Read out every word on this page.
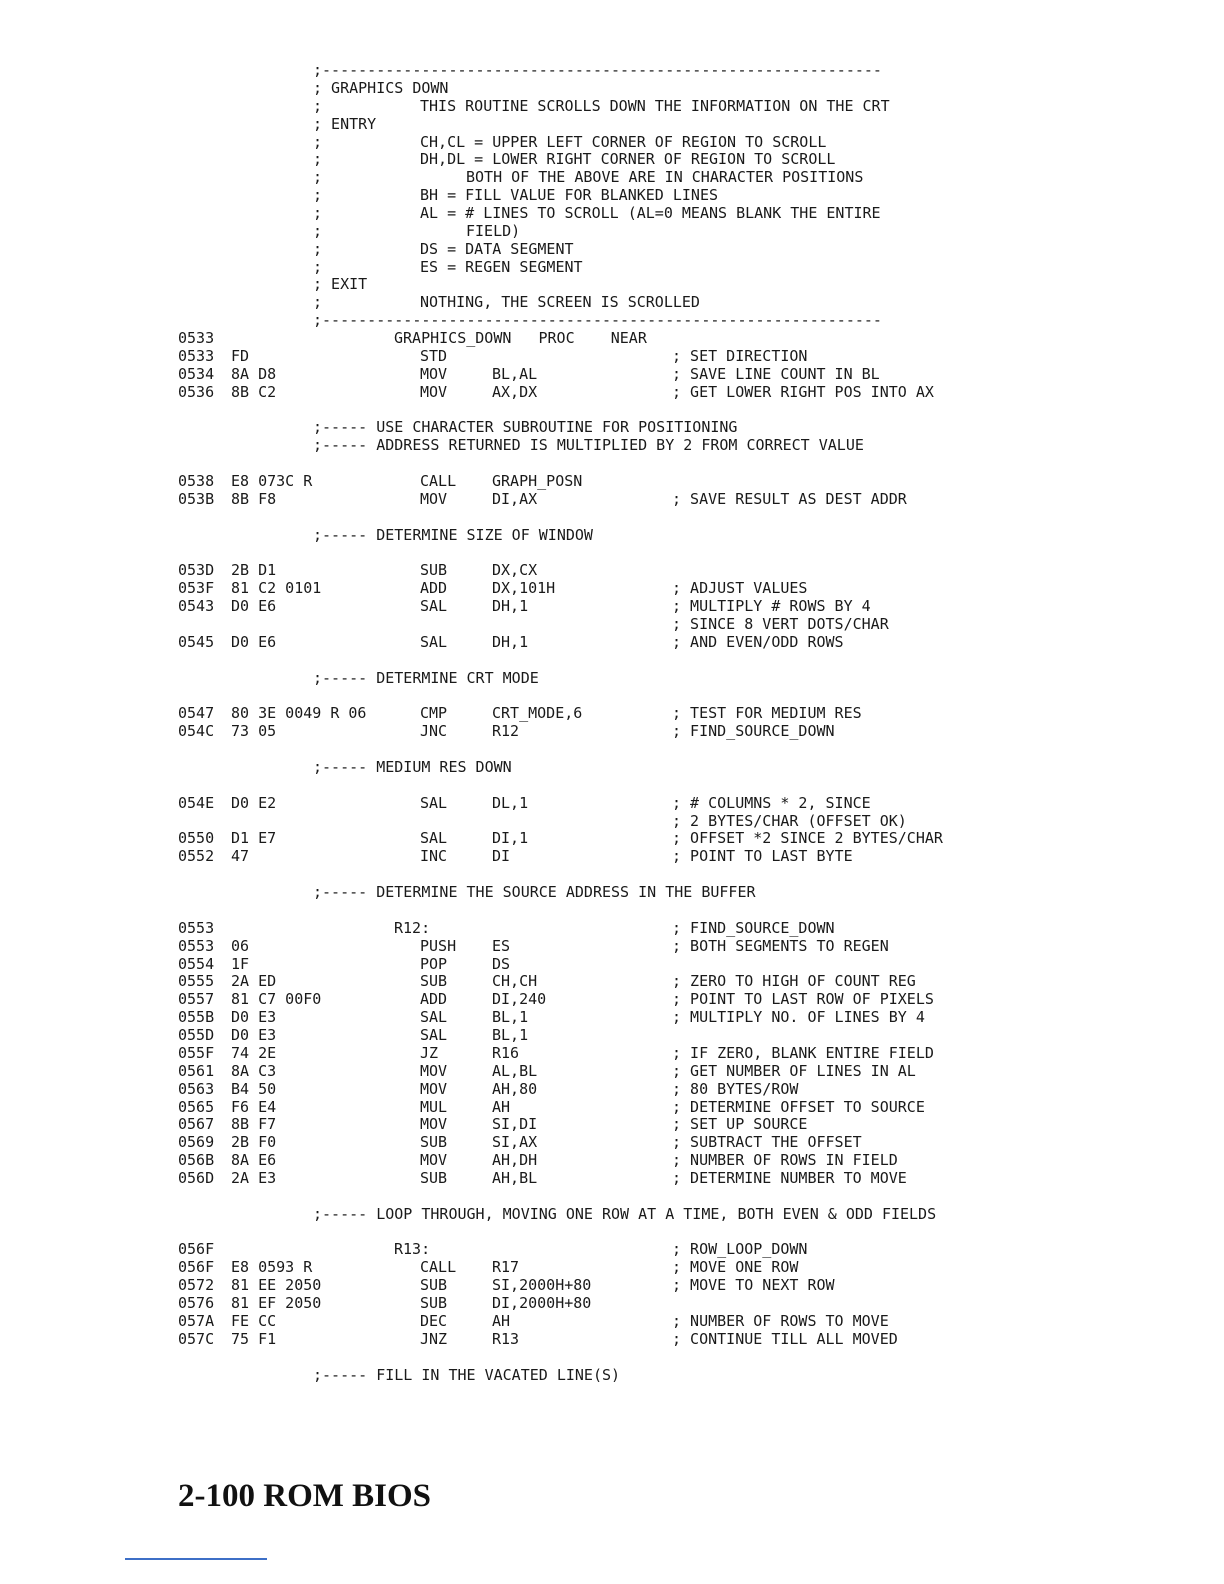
;--------------------------------------------------------------
; GRAPHICS DOWN
;	THIS ROUTINE SCROLLS DOWN THE INFORMATION ON THE CRT
; ENTRY
;	CH,CL = UPPER LEFT CORNER OF REGION TO SCROLL
;	DH,DL = LOWER RIGHT CORNER OF REGION TO SCROLL
;	BOTH OF THE ABOVE ARE IN CHARACTER POSITIONS
;	BH = FILL VALUE FOR BLANKED LINES
;	AL = # LINES TO SCROLL (AL=0 MEANS BLANK THE ENTIRE
;	FIELD)
;	DS = DATA SEGMENT
;	ES = REGEN SEGMENT
; EXIT
;	NOTHING, THE SCREEN IS SCROLLED
;--------------------------------------------------------------
0533	GRAPHICS_DOWN   PROC    NEAR
0533 FD	STD	; SET DIRECTION
0534 8A D8	MOV	BL,AL	; SAVE LINE COUNT IN BL
0536 8B C2	MOV	AX,DX	; GET LOWER RIGHT POS INTO AX
;----- USE CHARACTER SUBROUTINE FOR POSITIONING
;----- ADDRESS RETURNED IS MULTIPLIED BY 2 FROM CORRECT VALUE
0538 E8 073C R	CALL GRAPH_POSN
053B 8B F8	MOV	DI,AX	; SAVE RESULT AS DEST ADDR
;----- DETERMINE SIZE OF WINDOW
053D 2B D1	SUB	DX,CX
053F 81 C2 0101	ADD	DX,101H	; ADJUST VALUES
0543 D0 E6	SAL	DH,1	; MULTIPLY # ROWS BY 4
; SINCE 8 VERT DOTS/CHAR
0545 D0 E6	SAL	DH,1	; AND EVEN/ODD ROWS
;----- DETERMINE CRT MODE
0547 80 3E 0049 R 06	CMP	CRT_MODE,6	; TEST FOR MEDIUM RES
054C 73 05	JNC	R12	; FIND_SOURCE_DOWN
;----- MEDIUM RES DOWN
054E D0 E2	SAL	DL,1	; # COLUMNS * 2, SINCE
; 2 BYTES/CHAR (OFFSET OK)
0550 D1 E7	SAL	DI,1	; OFFSET *2 SINCE 2 BYTES/CHAR
0552 47	INC	DI	; POINT TO LAST BYTE
;----- DETERMINE THE SOURCE ADDRESS IN THE BUFFER
0553	R12:	; FIND_SOURCE_DOWN
0553 06	PUSH ES	; BOTH SEGMENTS TO REGEN
0554 1F	POP	DS
0555 2A ED	SUB	CH,CH	; ZERO TO HIGH OF COUNT REG
0557 81 C7 00F0	ADD	DI,240	; POINT TO LAST ROW OF PIXELS
055B D0 E3	SAL	BL,1	; MULTIPLY NO. OF LINES BY 4
055D D0 E3	SAL	BL,1
055F 74 2E	JZ	R16	; IF ZERO, BLANK ENTIRE FIELD
0561 8A C3	MOV	AL,BL	; GET NUMBER OF LINES IN AL
0563 B4 50	MOV	AH,80	; 80 BYTES/ROW
0565 F6 E4	MUL	AH	; DETERMINE OFFSET TO SOURCE
0567 8B F7	MOV	SI,DI	; SET UP SOURCE
0569 2B F0	SUB	SI,AX	; SUBTRACT THE OFFSET
056B 8A E6	MOV	AH,DH	; NUMBER OF ROWS IN FIELD
056D 2A E3	SUB	AH,BL	; DETERMINE NUMBER TO MOVE
;----- LOOP THROUGH, MOVING ONE ROW AT A TIME, BOTH EVEN & ODD FIELDS
056F	R13:	; ROW_LOOP_DOWN
056F E8 0593 R	CALL R17	; MOVE ONE ROW
0572 81 EE 2050	SUB	SI,2000H+80	; MOVE TO NEXT ROW
0576 81 EF 2050	SUB	DI,2000H+80
057A FE CC	DEC	AH	; NUMBER OF ROWS TO MOVE
057C 75 F1	JNZ	R13	; CONTINUE TILL ALL MOVED
;----- FILL IN THE VACATED LINE(S)
2-100 ROM BIOS
